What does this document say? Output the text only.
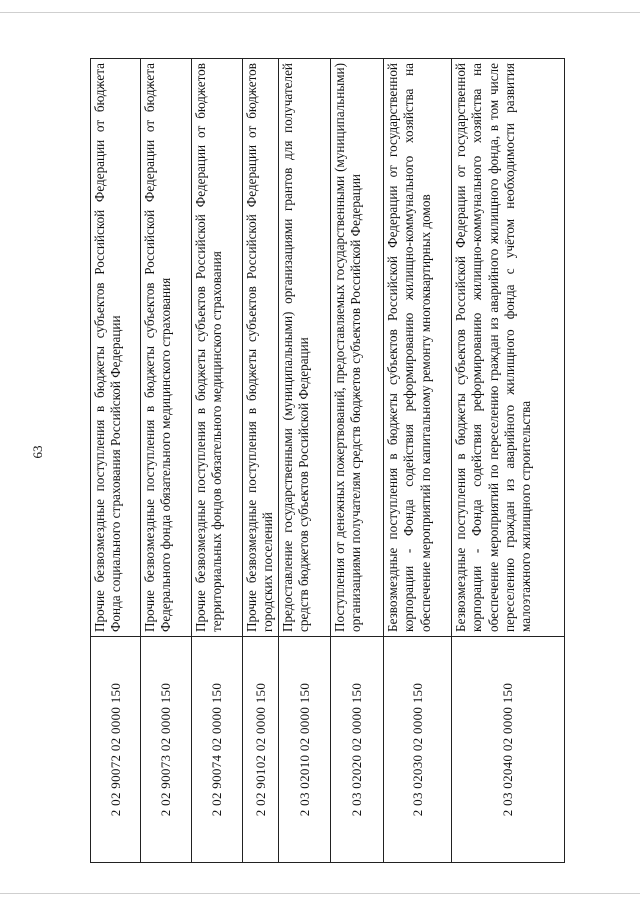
63
2 02 90072 02 0000 150
Прочие безвозмездные поступления в бюджеты субъектов Российской Федерации от бюджета Фонда социального страхования Российской Федерации
2 02 90073 02 0000 150
Прочие безвозмездные поступления в бюджеты субъектов Российской Федерации от бюджета Федерального фонда обязательного медицинского страхования
2 02 90074 02 0000 150
Прочие безвозмездные поступления в бюджеты субъектов Российской Федерации от бюджетов территориальных фондов обязательного медицинского страхования
2 02 90102 02 0000 150
Прочие безвозмездные поступления в бюджеты субъектов Российской Федерации от бюджетов городских поселений
2 03 02010 02 0000 150
Предоставление государственными (муниципальными) организациями грантов для получателей средств бюджетов субъектов Российской Федерации
2 03 02020 02 0000 150
Поступления от денежных пожертвований, предоставляемых государственными (муниципальными) организациями получателям средств бюджетов субъектов Российской Федерации
2 03 02030 02 0000 150
Безвозмездные поступления в бюджеты субъектов Российской Федерации от государственной корпорации - Фонда содействия реформированию жилищно-коммунального хозяйства на обеспечение мероприятий по капитальному ремонту многоквартирных домов
2 03 02040 02 0000 150
Безвозмездные поступления в бюджеты субъектов Российской Федерации от государственной корпорации - Фонда содействия реформированию жилищно-коммунального хозяйства на обеспечение мероприятий по переселению граждан из аварийного жилищного фонда, в том числе переселению граждан из аварийного жилищного фонда с учётом необходимости развития малоэтажного жилищного строительства
